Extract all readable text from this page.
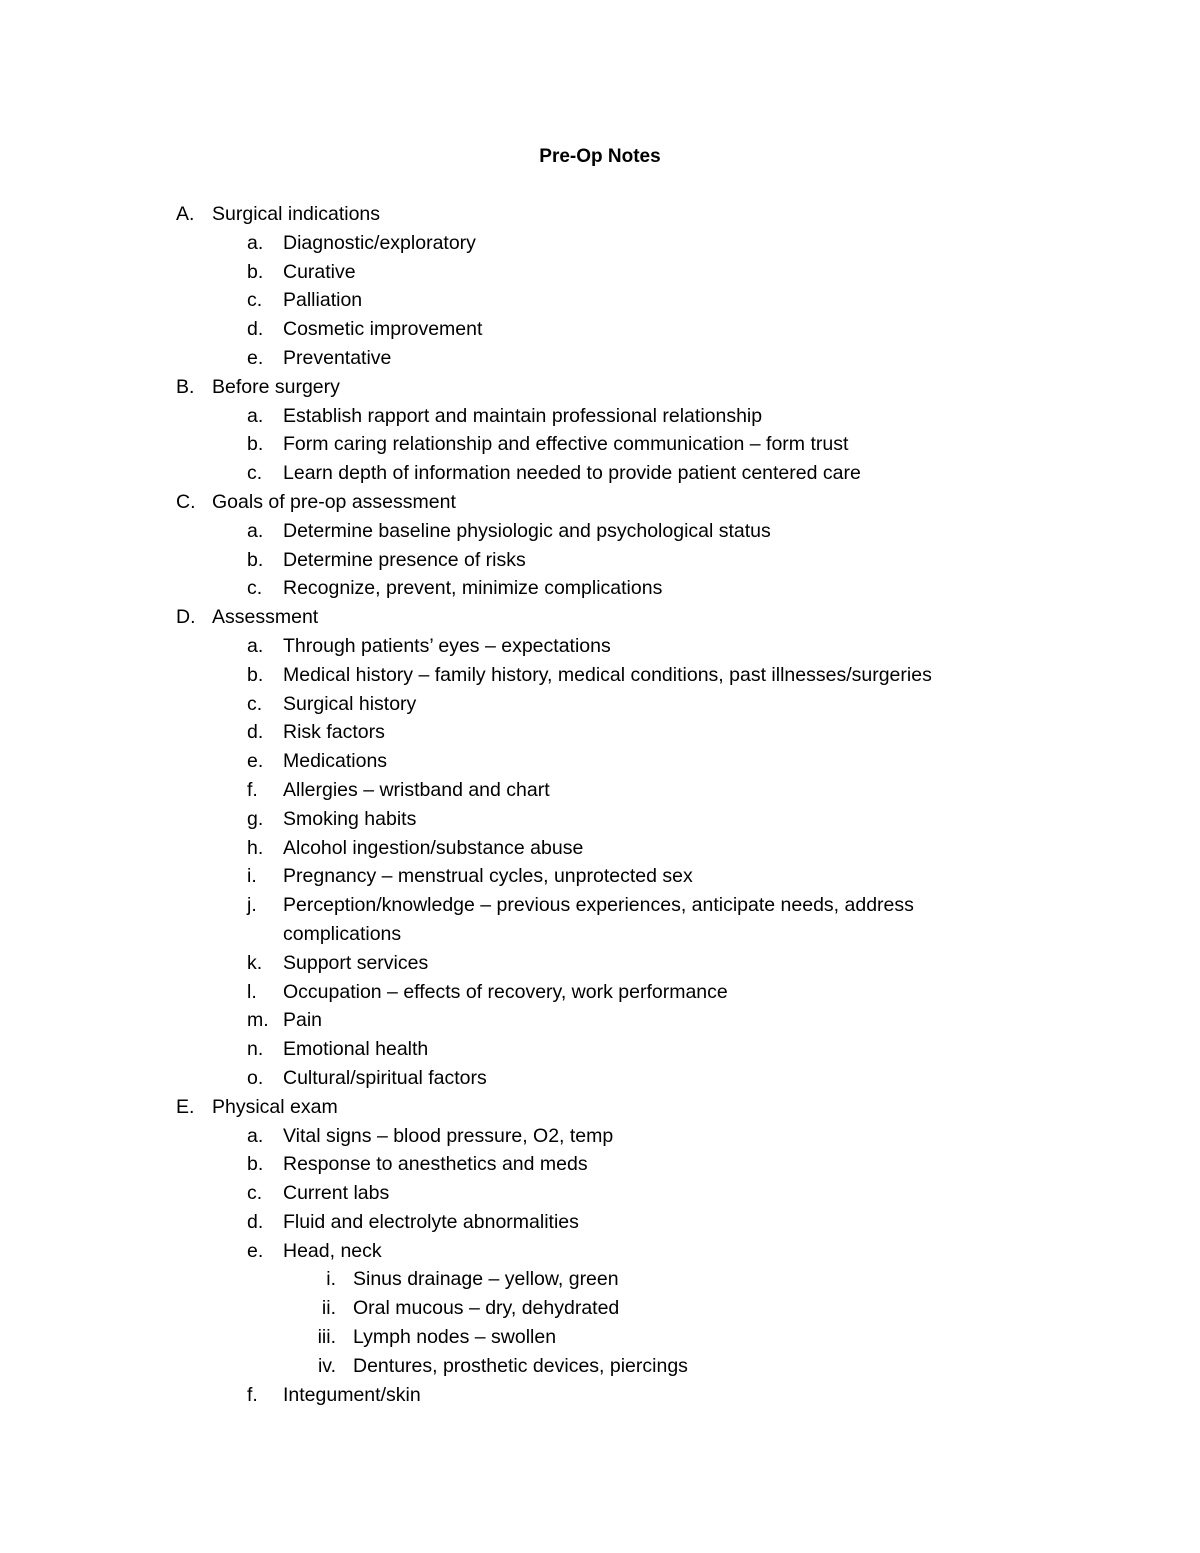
Pre-Op Notes
A. Surgical indications
a. Diagnostic/exploratory
b. Curative
c. Palliation
d. Cosmetic improvement
e. Preventative
B. Before surgery
a. Establish rapport and maintain professional relationship
b. Form caring relationship and effective communication – form trust
c. Learn depth of information needed to provide patient centered care
C. Goals of pre-op assessment
a. Determine baseline physiologic and psychological status
b. Determine presence of risks
c. Recognize, prevent, minimize complications
D. Assessment
a. Through patients’ eyes – expectations
b. Medical history – family history, medical conditions, past illnesses/surgeries
c. Surgical history
d. Risk factors
e. Medications
f. Allergies – wristband and chart
g. Smoking habits
h. Alcohol ingestion/substance abuse
i. Pregnancy – menstrual cycles, unprotected sex
j. Perception/knowledge – previous experiences, anticipate needs, address complications
k. Support services
l. Occupation – effects of recovery, work performance
m. Pain
n. Emotional health
o. Cultural/spiritual factors
E. Physical exam
a. Vital signs – blood pressure, O2, temp
b. Response to anesthetics and meds
c. Current labs
d. Fluid and electrolyte abnormalities
e. Head, neck
i. Sinus drainage – yellow, green
ii. Oral mucous – dry, dehydrated
iii. Lymph nodes – swollen
iv. Dentures, prosthetic devices, piercings
f. Integument/skin
